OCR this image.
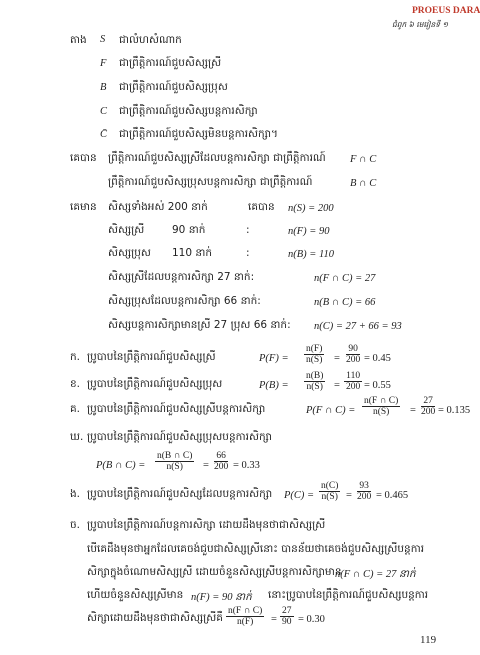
PROEUS DARA
ជំពូក ៦ មេរៀនទី ១
តាង S ជាលំហសំណាក
F ជាព្រឹត្តិការណ៍ជួបសិស្សស្រី
B ជាព្រឹត្តិការណ៍ជួបសិស្សប្រុស
C ជាព្រឹត្តិការណ៍ជួបសិស្សបន្តការសិក្សា
C̄ ជាព្រឹត្តិការណ៍ជួបសិស្សមិនបន្តការសិក្សា។
គេបាន ព្រឹត្តិការណ៍ជួបសិស្សស្រីដែលបន្តការសិក្សា ជាព្រឹត្តិការណ៍ F ∩ C
ព្រឹត្តិការណ៍ជួបសិស្សប្រុសបន្តការសិក្សា ជាព្រឹត្តិការណ៍	B ∩ C
គេមាន សិស្សទាំងអស់ 200 នាក់	គេបាន n(S) = 200
សិស្សស្រី	90 នាក់	:	n(F) = 90
សិស្សប្រុស 110 នាក់	:	n(B) = 110
សិស្សស្រីដែលបន្តការសិក្សា 27 នាក់:	n(F ∩ C) = 27
សិស្សប្រុសដែលបន្តការសិក្សា 66 នាក់:	n(B ∩ C) = 66
សិស្សបន្តការសិក្សាមានស្រី 27 ប្រុស 66 នាក់: n(C) = 27 + 66 = 93
ក. ប្រូបាបនៃព្រឹត្តិការណ៍ជួបសិស្សស្រី	$P(F) = \frac{n(F)}{n(S)} = \frac{90}{200} = 0.45$
ខ. ប្រូបាបនៃព្រឹត្តិការណ៍ជួបសិស្សប្រុស	$P(B) = \frac{n(B)}{n(S)} = \frac{110}{200} = 0.55$
គ. ប្រូបាបនៃព្រឹត្តិការណ៍ជួបសិស្សស្រីបន្តការសិក្សា	P(F ∩ $C) = \frac{n(F \cap C)}{n(S)} = \frac{27}{200} = 0.135$
ឃ. ប្រូបាបនៃព្រឹត្តិការណ៍ជួបសិស្សប្រុសបន្តការសិក្សា
P(B ∩ $C) = \frac{n(B \cap C)}{n(S)} = \frac{66}{200} = 0.33$
ង. ប្រូបាបនៃព្រឹត្តិការណ៍ជួបសិស្សដែលបន្តការសិក្សា $P(C) = \frac{n(C)}{n(S)} = \frac{93}{200} = 0.465$
ច. ប្រូបាបនៃព្រឹត្តិការណ៍បន្តការសិក្សា ដោយដឹងមុនថាជាសិស្សស្រី
បើគេដឹងមុនថាអ្នកដែលគេចង់ជួបជាសិស្សស្រីនោះ បានន័យថាគេចង់ជួបសិស្សស្រីបន្តការ
សិក្សាក្នុងចំណោមសិស្សស្រី ដោយចំនួនសិស្សស្រីបន្តការសិក្សាមាន
n(F ∩ C) = 27 នាក់
ហើយចំនួនសិស្សស្រីមាន n(F) = 90 នាក់ នោះប្រូបាបនៃព្រឹត្តិការណ៍ជួបសិស្សបន្តការ
សិក្សាដោយដឹងមុនថាជាសិស្សស្រីគឺ $\frac{n(F \cap C)}{n(F)} = \frac{27}{90} = 0.30$
119
